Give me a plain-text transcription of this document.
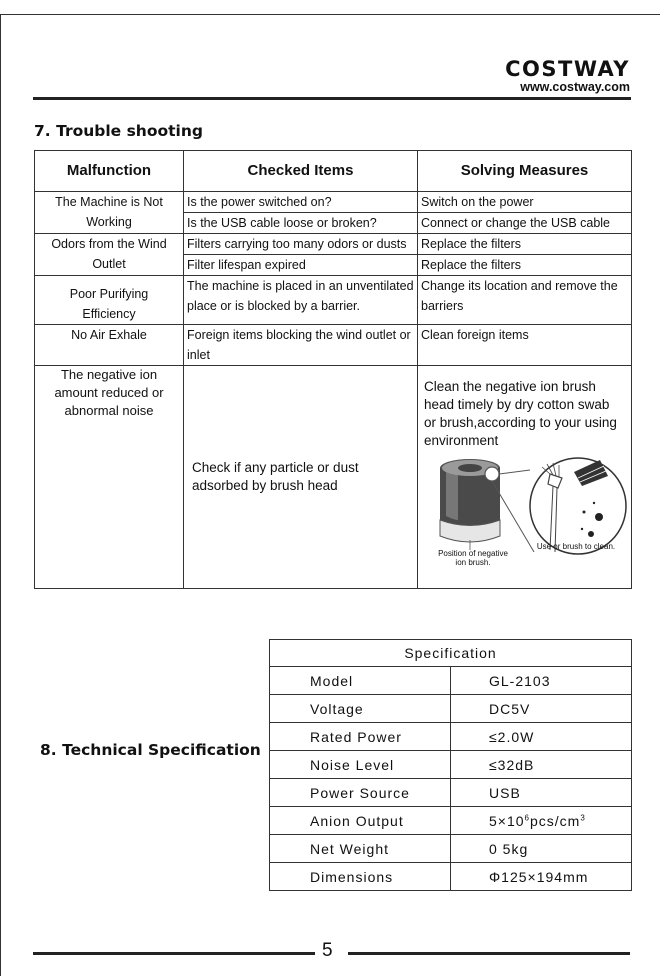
COSTWAY
www.costway.com
7. Trouble shooting
Malfunction	Checked Items	Solving Measures
The Machine is Not Working	Is the power switched on?	Switch on the power
	Is the USB cable loose or broken?	Connect or change the USB cable
Odors from the Wind Outlet	Filters carrying too many odors or dusts	Replace the filters
	Filter lifespan expired	Replace the filters
Poor Purifying Efficiency	The machine is placed in an unventilated place or is blocked by a barrier.	Change its location and remove the barriers
No Air Exhale	Foreign items blocking the wind outlet or inlet	Clean foreign items
The negative ion amount reduced or abnormal noise	Check if any particle or dust adsorbed by brush head	Clean the negative ion brush head timely by dry cotton swab or brush,according to your using environment
Position of negative ion brush.
Use or brush to clean.
8. Technical Specification
Specification	
Model	GL-2103
Voltage	DC5V
Rated Power	≤2.0W
Noise Level	≤32dB
Power Source	USB
Anion Output	$5\times 10^6pcs/cm^3$
Net Weight	0 5kg
Dimensions	Φ125×194mm
5
